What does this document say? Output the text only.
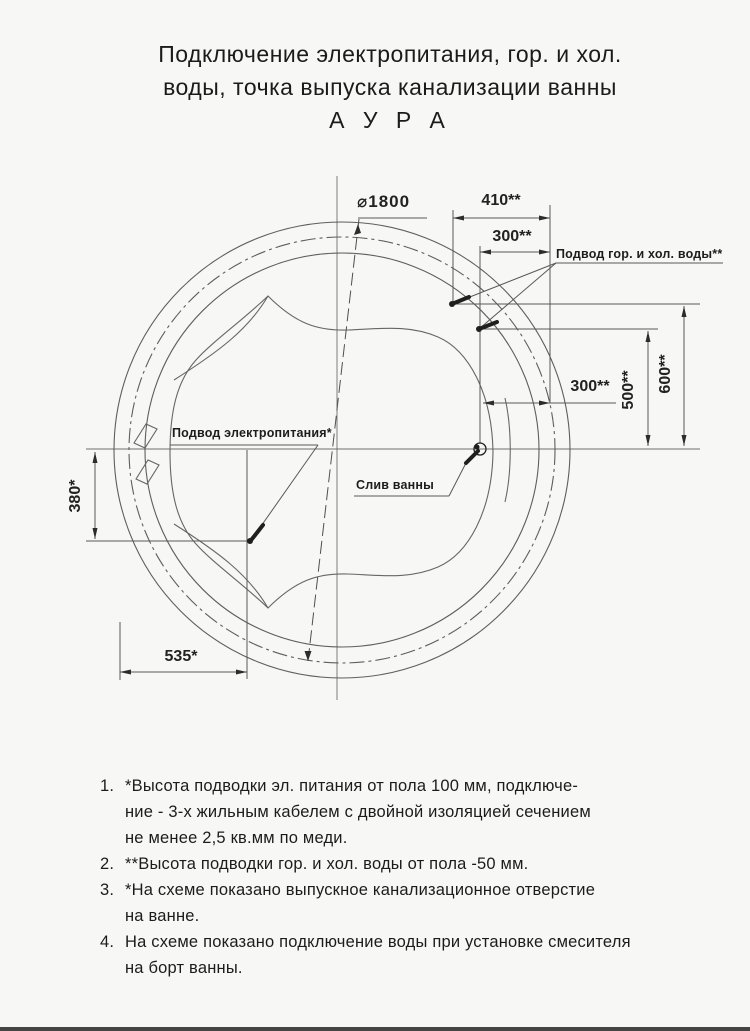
Подключение электропитания, гор. и хол.
воды, точка выпуска канализации ванны
А У Р А
⌀1800	410**
300**
300** 500** 600**
380*
535*
Подвод гор. и хол. воды**
Подвод электропитания*
Слив ванны
1. *Высота подводки эл. питания от пола 100 мм, подключе-
ние - 3-х жильным кабелем с двойной изоляцией сечением
не менее 2,5 кв.мм по меди.
2. **Высота подводки гор. и хол. воды от пола -50 мм.
3. *На схеме показано выпускное канализационное отверстие
на ванне.
4. На схеме показано подключение воды при установке смесителя
на борт ванны.
